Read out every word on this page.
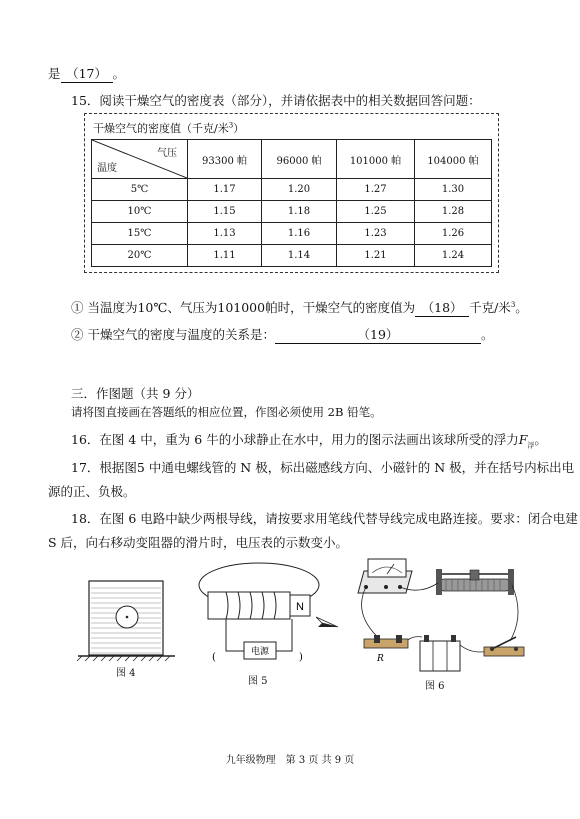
是 （17） 。
15．阅读干燥空气的密度表（部分），并请依据表中的相关数据回答问题：
干燥空气的密度值（千克/米$^3$）
气压
温度	93300 帕	96000 帕	101000 帕	104000 帕
5℃	1.17	1.20	1.27	1.30
10℃	1.15	1.18	1.25	1.28
15℃	1.13	1.16	1.23	1.26
20℃	1.11	1.14	1.21	1.24
① 当温度为10℃、气压为101000帕时，干燥空气的密度值为 （18） 千克/米$^3$。
② 干燥空气的密度与温度的关系是：	（19）	。
三．作图题（共 9 分）
请将图直接画在答题纸的相应位置，作图必须使用 2B 铅笔。
16．在图 4 中，重为 6 牛的小球静止在水中，用力的图示法画出该球所受的浮力$F_浮$。
17．根据图5 中通电螺线管的 N 极，标出磁感线方向、小磁针的 N 极，并在括号内标出电
源的正、负极。
18．在图 6 电路中缺少两根导线，请按要求用笔线代替导线完成电路连接。要求：闭合电建
S 后，向右移动变阻器的滑片时，电压表的示数变小。
N
电源
(	)	R
图 4
图 5	图 6
九年级物理　第 3 页 共 9 页
